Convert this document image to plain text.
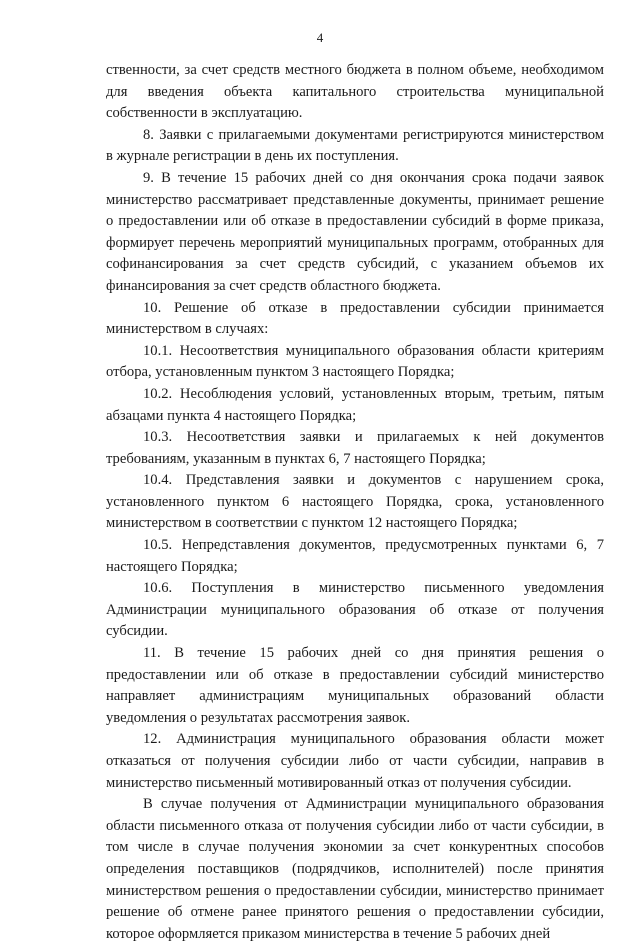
4

ственности, за счет средств местного бюджета в полном объеме, необходимом для введения объекта капитального строительства муниципальной собственности в эксплуатацию.

8. Заявки с прилагаемыми документами регистрируются министерством в журнале регистрации в день их поступления.

9. В течение 15 рабочих дней со дня окончания срока подачи заявок министерство рассматривает представленные документы, принимает решение о предоставлении или об отказе в предоставлении субсидий в форме приказа, формирует перечень мероприятий муниципальных программ, отобранных для софинансирования за счет средств субсидий, с указанием объемов их финансирования за счет средств областного бюджета.

10. Решение об отказе в предоставлении субсидии принимается министерством в случаях:

10.1. Несоответствия муниципального образования области критериям отбора, установленным пунктом 3 настоящего Порядка;

10.2. Несоблюдения условий, установленных вторым, третьим, пятым абзацами пункта 4 настоящего Порядка;

10.3. Несоответствия заявки и прилагаемых к ней документов требованиям, указанным в пунктах 6, 7 настоящего Порядка;

10.4. Представления заявки и документов с нарушением срока, установленного пунктом 6 настоящего Порядка, срока, установленного министерством в соответствии с пунктом 12 настоящего Порядка;

10.5. Непредставления документов, предусмотренных пунктами 6, 7 настоящего Порядка;

10.6. Поступления в министерство письменного уведомления Администрации муниципального образования об отказе от получения субсидии.

11. В течение 15 рабочих дней со дня принятия решения о предоставлении или об отказе в предоставлении субсидий министерство направляет администрациям муниципальных образований области уведомления о результатах рассмотрения заявок.

12. Администрация муниципального образования области может отказаться от получения субсидии либо от части субсидии, направив в министерство письменный мотивированный отказ от получения субсидии.

В случае получения от Администрации муниципального образования области письменного отказа от получения субсидии либо от части субсидии, в том числе в случае получения экономии за счет конкурентных способов определения поставщиков (подрядчиков, исполнителей) после принятия министерством решения о предоставлении субсидии, министерство принимает решение об отмене ранее принятого решения о предоставлении субсидии, которое оформляется приказом министерства в течение 5 рабочих дней
